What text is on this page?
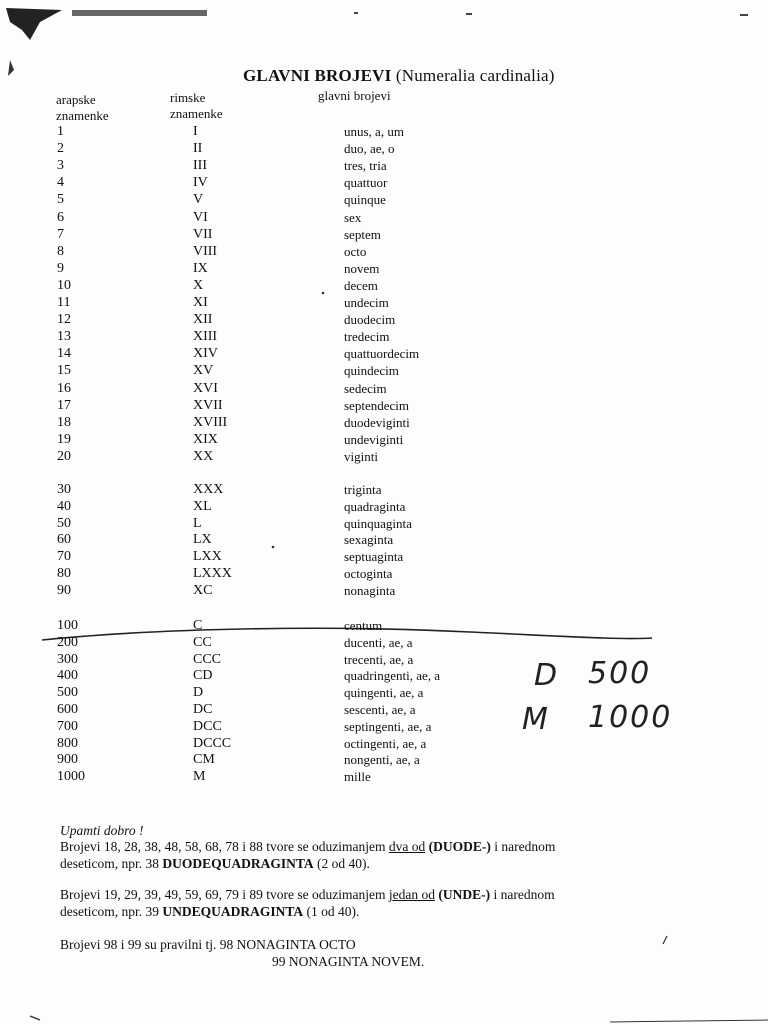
GLAVNI BROJEVI (Numeralia cardinalia)
arapske
znamenke
rimske
znamenke
glavni brojevi
1	I	unus, a, um
2	II	duo, ae, o
3	III	tres, tria
4	IV	quattuor
5	V	quinque
6	VI	sex
7	VII	septem
8	VIII	octo
9	IX	novem
10	X	decem
11	XI	undecim
12	XII	duodecim
13	XIII	tredecim
14	XIV	quattuordecim
15	XV	quindecim
16	XVI	sedecim
17	XVII	septendecim
18	XVIII	duodeviginti
19	XIX	undeviginti
20	XX	viginti
30	XXX	triginta
40	XL	quadraginta
50	L	quinquaginta
60	LX	sexaginta
70	LXX	septuaginta
80	LXXX	octoginta
90	XC	nonaginta
100	C	centum
200	CC	ducenti, ae, a
300	CCC	trecenti, ae, a
400	CD	quadringenti, ae, a
500	D	quingenti, ae, a
600	DC	sescenti, ae, a
700	DCC	septingenti, ae, a
800	DCCC	octingenti, ae, a
900	CM	nongenti, ae, a
1000	M	mille
D 500
M 1000
Upamti dobro !
Brojevi 18, 28, 38, 48, 58, 68, 78 i 88 tvore se oduzimanjem dva od (DUODE-) i narednom
deseticom, npr. 38 DUODEQUADRAGINTA (2 od 40).
Brojevi 19, 29, 39, 49, 59, 69, 79 i 89 tvore se oduzimanjem jedan od (UNDE-) i narednom
deseticom, npr. 39 UNDEQUADRAGINTA (1 od 40).
Brojevi 98 i 99 su pravilni tj. 98 NONAGINTA OCTO
99 NONAGINTA NOVEM.
